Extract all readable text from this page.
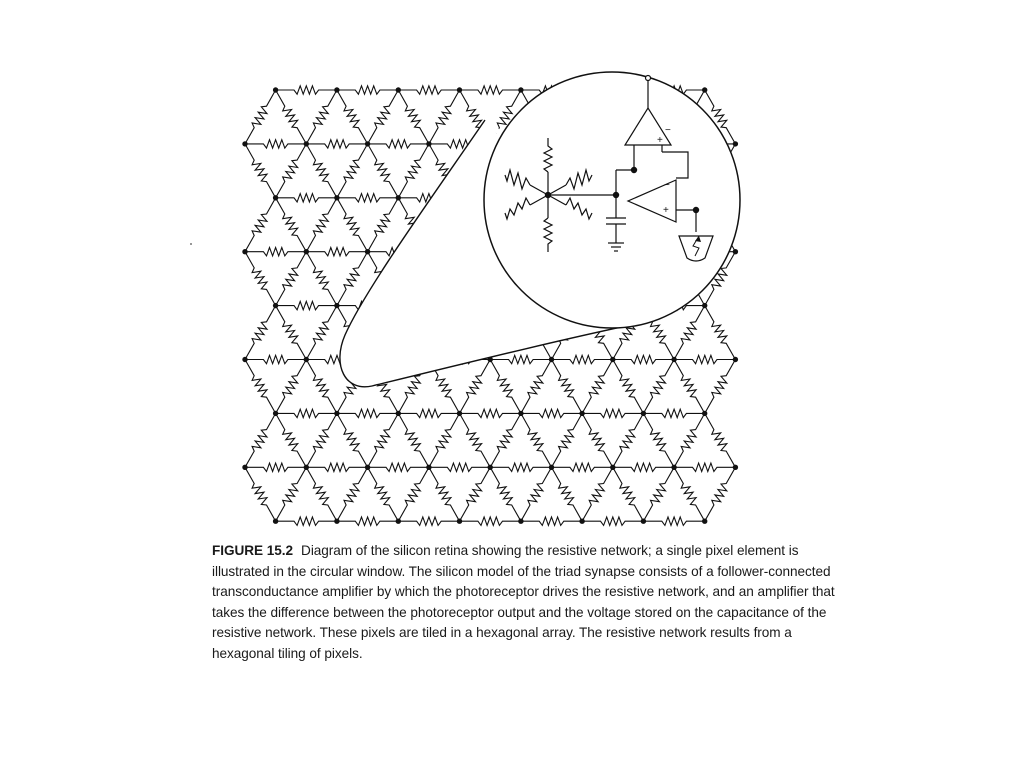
−
+
−
+
FIGURE 15.2 Diagram of the silicon retina showing the resistive network; a single pixel element is illustrated in the circular window. The silicon model of the triad synapse consists of a follower-connected transconductance amplifier by which the photoreceptor drives the resistive network, and an amplifier that takes the difference between the photoreceptor output and the voltage stored on the capacitance of the resistive network. These pixels are tiled in a hexagonal array. The resistive network results from a hexagonal tiling of pixels.
